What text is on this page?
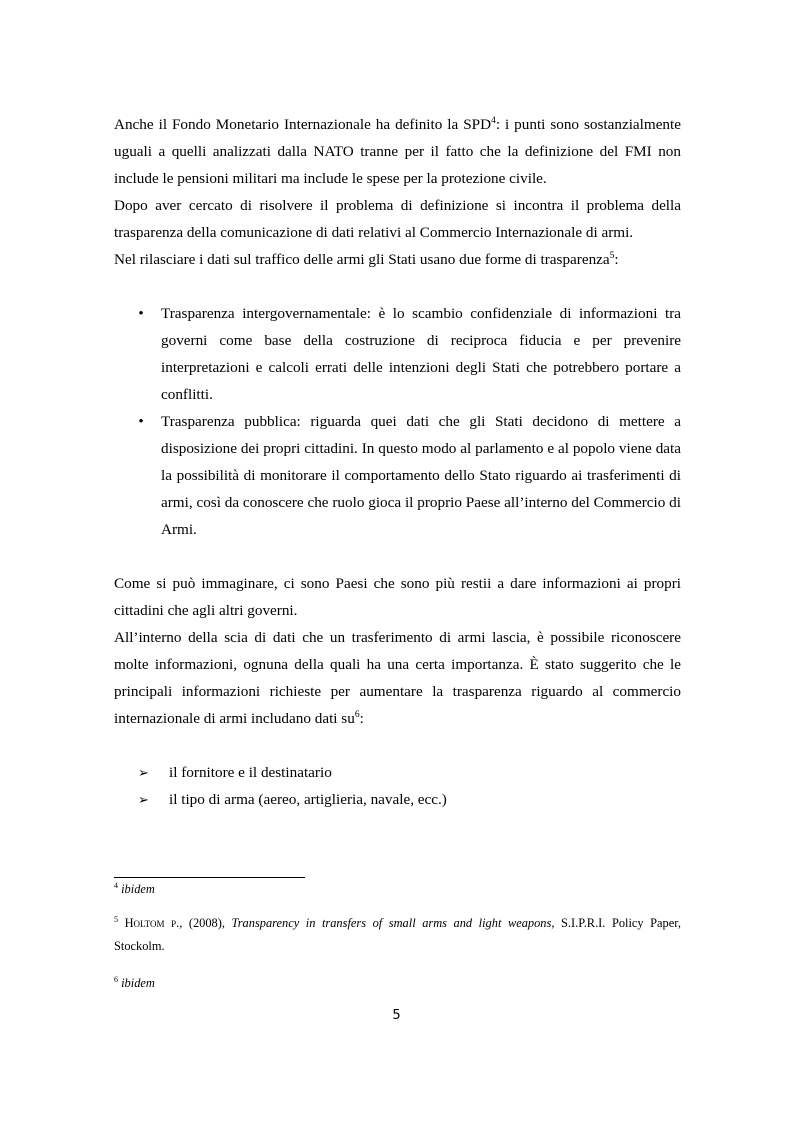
Anche il Fondo Monetario Internazionale ha definito la SPD$^4$: i punti sono sostanzialmente uguali a quelli analizzati dalla NATO tranne per il fatto che la definizione del FMI non include le pensioni militari ma include le spese per la protezione civile.

Dopo aver cercato di risolvere il problema di definizione si incontra il problema della trasparenza della comunicazione di dati relativi al Commercio Internazionale di armi.

Nel rilasciare i dati sul traffico delle armi gli Stati usano due forme di trasparenza$^5$:

• Trasparenza intergovernamentale: è lo scambio confidenziale di informazioni tra governi come base della costruzione di reciproca fiducia e per prevenire interpretazioni e calcoli errati delle intenzioni degli Stati che potrebbero portare a conflitti.
• Trasparenza pubblica: riguarda quei dati che gli Stati decidono di mettere a disposizione dei propri cittadini. In questo modo al parlamento e al popolo viene data la possibilità di monitorare il comportamento dello Stato riguardo ai trasferimenti di armi, così da conoscere che ruolo gioca il proprio Paese all’interno del Commercio di Armi.

Come si può immaginare, ci sono Paesi che sono più restii a dare informazioni ai propri cittadini che agli altri governi.

All’interno della scia di dati che un trasferimento di armi lascia, è possibile riconoscere molte informazioni, ognuna della quali ha una certa importanza. È stato suggerito che le principali informazioni richieste per aumentare la trasparenza riguardo al commercio internazionale di armi includano dati $su^6$:

➢ il fornitore e il destinatario
➢ il tipo di arma (aereo, artiglieria, navale, ecc.)
$^4$ ibidem
$^5$ Holtom p., (2008), Transparency in transfers of small arms and light weapons, S.I.P.R.I. Policy Paper, Stockolm.
$^6$ ibidem
5
